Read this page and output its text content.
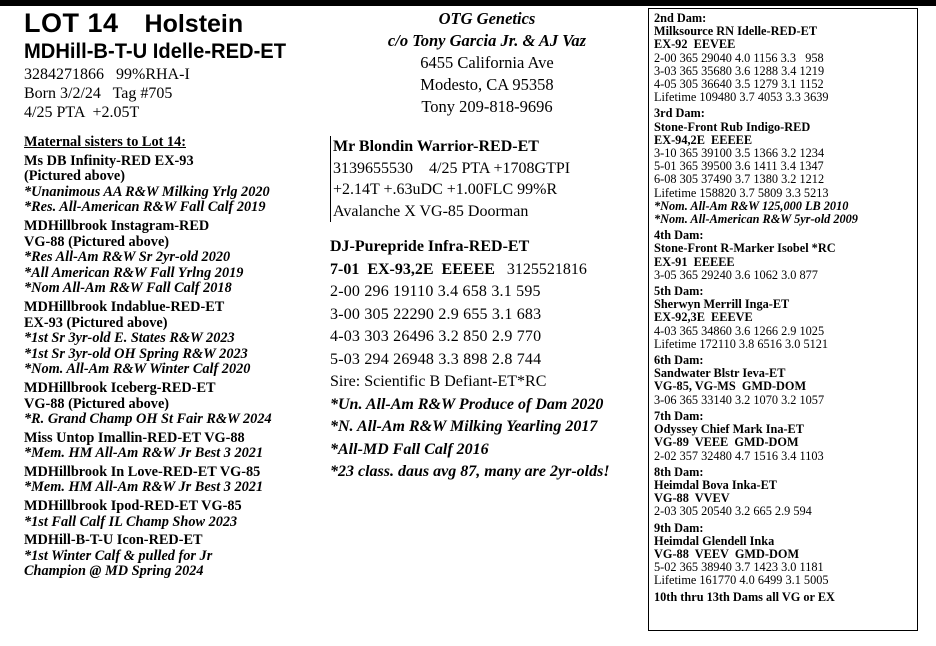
LOT 14 Holstein
MDHill-B-T-U Idelle-RED-ET
3284271866   99%RHA-I
Born 3/2/24   Tag #705
4/25 PTA  +2.05T
Maternal sisters to Lot 14:
Ms DB Infinity-RED EX-93
(Pictured above)
*Unanimous AA R&W Milking Yrlg 2020
*Res. All-American R&W Fall Calf 2019
MDHillbrook Instagram-RED
VG-88 (Pictured above)
*Res All-Am R&W Sr 2yr-old 2020
*All American R&W Fall Yrlng 2019
*Nom All-Am R&W Fall Calf 2018
MDHillbrook Indablue-RED-ET
EX-93 (Pictured above)
*1st Sr 3yr-old E. States R&W 2023
*1st Sr 3yr-old OH Spring R&W 2023
*Nom. All-Am R&W Winter Calf 2020
MDHillbrook Iceberg-RED-ET
VG-88 (Pictured above)
*R. Grand Champ OH St Fair R&W 2024
Miss Untop Imallin-RED-ET VG-88
*Mem. HM All-Am R&W Jr Best 3 2021
MDHillbrook In Love-RED-ET VG-85
*Mem. HM All-Am R&W Jr Best 3 2021
MDHillbrook Ipod-RED-ET VG-85
*1st Fall Calf IL Champ Show 2023
MDHill-B-T-U Icon-RED-ET
*1st Winter Calf & pulled for Jr
Champion @ MD Spring 2024
OTG Genetics
c/o Tony Garcia Jr. & AJ Vaz
6455 California Ave
Modesto, CA 95358
Tony 209-818-9696
Mr Blondin Warrior-RED-ET
3139655530    4/25 PTA +1708GTPI
+2.14T +.63uDC +1.00FLC 99%R
Avalanche X VG-85 Doorman
DJ-Purepride Infra-RED-ET
7-01  EX-93,2E  EEEEE 3125521816
2-00 296 19110 3.4 658 3.1 595
3-00 305 22290 2.9 655 3.1 683
4-03 303 26496 3.2 850 2.9 770
5-03 294 26948 3.3 898 2.8 744
Sire: Scientific B Defiant-ET*RC
*Un. All-Am R&W Produce of Dam 2020
*N. All-Am R&W Milking Yearling 2017
*All-MD Fall Calf 2016
*23 class. daus avg 87, many are 2yr-olds!
2nd Dam:
Milksource RN Idelle-RED-ET
EX-92  EEVEE
2-00 365 29040 4.0 1156 3.3   958
3-03 365 35680 3.6 1288 3.4 1219
4-05 305 36640 3.5 1279 3.1 1152
Lifetime 109480 3.7 4053 3.3 3639
3rd Dam:
Stone-Front Rub Indigo-RED
EX-94,2E  EEEEE
3-10 365 39100 3.5 1366 3.2 1234
5-01 365 39500 3.6 1411 3.4 1347
6-08 305 37490 3.7 1380 3.2 1212
Lifetime 158820 3.7 5809 3.3 5213
*Nom. All-Am R&W 125,000 LB 2010
*Nom. All-American R&W 5yr-old 2009
4th Dam:
Stone-Front R-Marker Isobel *RC
EX-91  EEEEE
3-05 365 29240 3.6 1062 3.0 877
5th Dam:
Sherwyn Merrill Inga-ET
EX-92,3E  EEEVE
4-03 365 34860 3.6 1266 2.9 1025
Lifetime 172110 3.8 6516 3.0 5121
6th Dam:
Sandwater Blstr Ieva-ET
VG-85, VG-MS  GMD-DOM
3-06 365 33140 3.2 1070 3.2 1057
7th Dam:
Odyssey Chief Mark Ina-ET
VG-89  VEEE  GMD-DOM
2-02 357 32480 4.7 1516 3.4 1103
8th Dam:
Heimdal Bova Inka-ET
VG-88  VVEV
2-03 305 20540 3.2 665 2.9 594
9th Dam:
Heimdal Glendell Inka
VG-88  VEEV  GMD-DOM
5-02 365 38940 3.7 1423 3.0 1181
Lifetime 161770 4.0 6499 3.1 5005
10th thru 13th Dams all VG or EX
